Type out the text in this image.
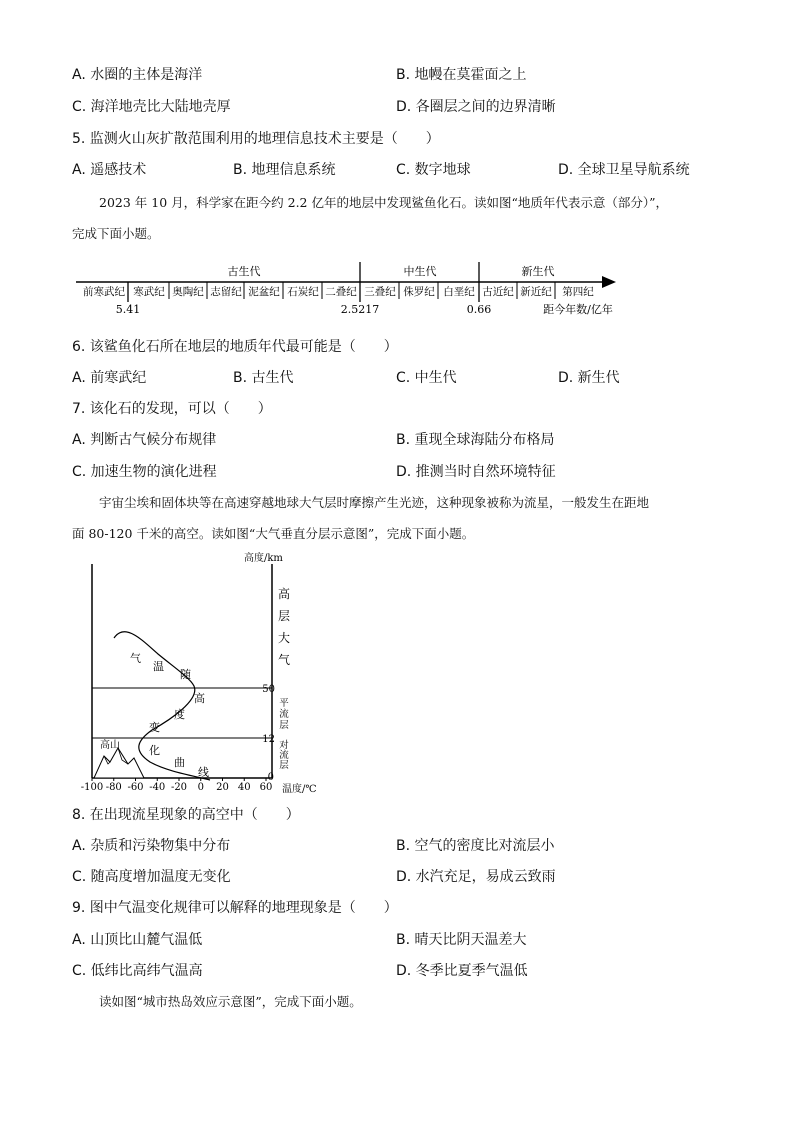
A. 水圈的主体是海洋	B. 地幔在莫霍面之上
C. 海洋地壳比大陆地壳厚	D. 各圈层之间的边界清晰
5. 监测火山灰扩散范围利用的地理信息技术主要是（　　）
A. 遥感技术	B. 地理信息系统	C. 数字地球	D. 全球卫星导航系统
2023 年 10 月，科学家在距今约 2.2 亿年的地层中发现鲨鱼化石。读如图“地质年代表示意（部分）”，
完成下面小题。
古生代	中生代	新生代
前寒武纪 寒武纪 奥陶纪 志留纪 泥盆纪 石炭纪 二叠纪 三叠纪 侏罗纪 白垩纪 古近纪 新近纪 第四纪
5.41	2.5217	0.66	距今年数/亿年
6. 该鲨鱼化石所在地层的地质年代最可能是（　　）
A. 前寒武纪	B. 古生代	C. 中生代	D. 新生代
7. 该化石的发现，可以（　　）
A. 判断古气候分布规律	B. 重现全球海陆分布格局
C. 加速生物的演化进程	D. 推测当时自然环境特征
宇宙尘埃和固体块等在高速穿越地球大气层时摩擦产生光迹，这种现象被称为流星，一般发生在距地
面 80-120 千米的高空。读如图“大气垂直分层示意图”，完成下面小题。
高山
气
温
随
高
度
变
化
曲
线
高度/km
50
12
0
高
层
大
气
平
流
层
对
流
层
-100 -80 -60 -40 -20 0 20 40 60 温度/℃
8. 在出现流星现象的高空中（　　）
A. 杂质和污染物集中分布	B. 空气的密度比对流层小
C. 随高度增加温度无变化	D. 水汽充足，易成云致雨
9. 图中气温变化规律可以解释的地理现象是（　　）
A. 山顶比山麓气温低	B. 晴天比阴天温差大
C. 低纬比高纬气温高	D. 冬季比夏季气温低
读如图“城市热岛效应示意图”，完成下面小题。
